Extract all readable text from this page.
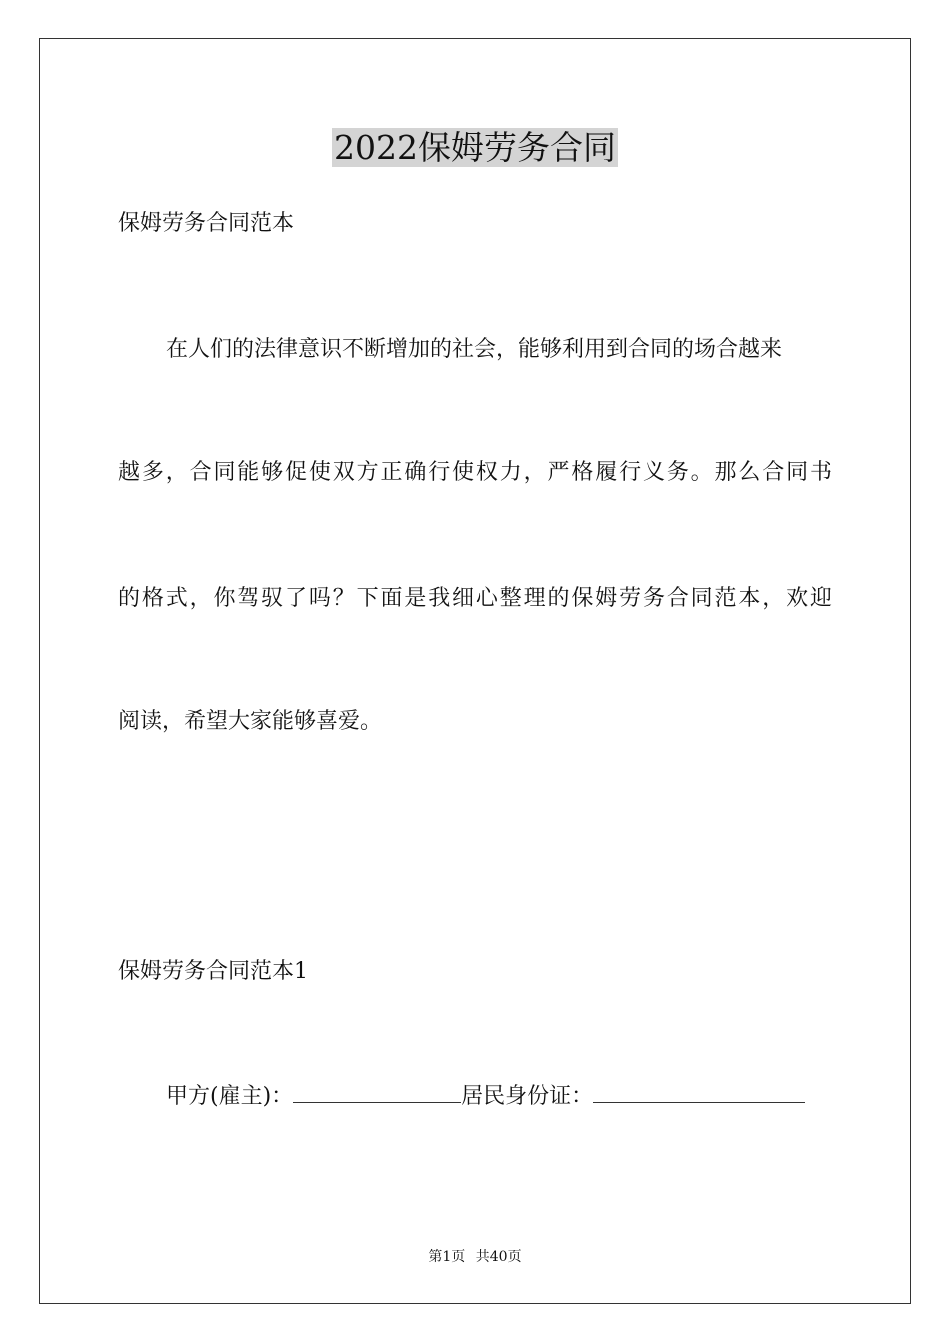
2022保姆劳务合同
保姆劳务合同范本
在人们的法律意识不断增加的社会，能够利用到合同的场合越来
越多，合同能够促使双方正确行使权力，严格履行义务。那么合同书
的格式，你驾驭了吗？下面是我细心整理的保姆劳务合同范本，欢迎
阅读，希望大家能够喜爱。
保姆劳务合同范本1
甲方(雇主)：	居民身份证：
第1页 共40页
